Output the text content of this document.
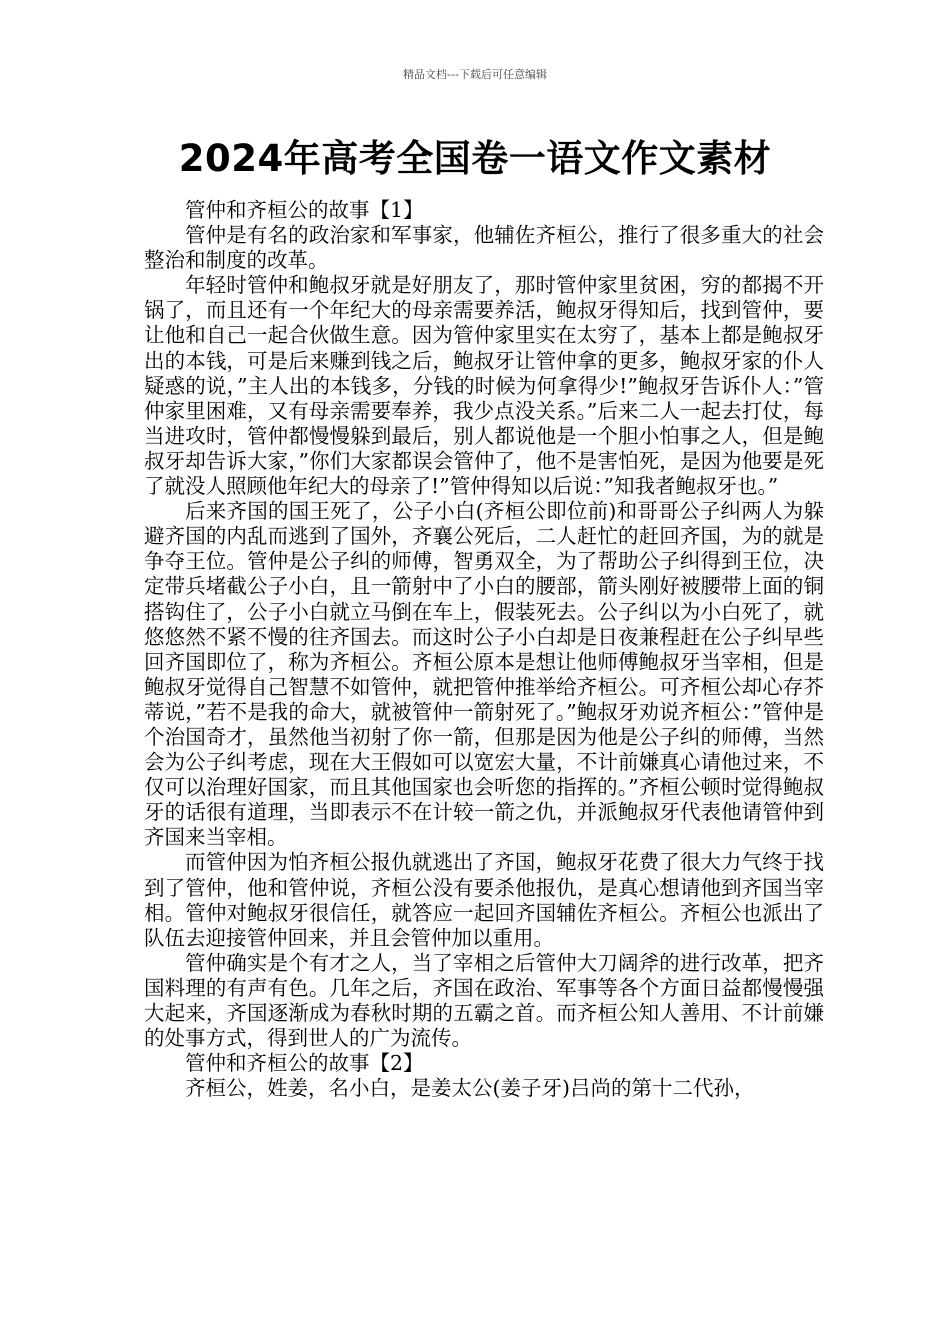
精品文档---下载后可任意编辑
2024年高考全国卷一语文作文素材

管仲和齐桓公的故事【1】

管仲是有名的政治家和军事家，他辅佐齐桓公，推行了很多重大的社会整治和制度的改革。

年轻时管仲和鲍叔牙就是好朋友了，那时管仲家里贫困，穷的都揭不开锅了，而且还有一个年纪大的母亲需要养活，鲍叔牙得知后，找到管仲，要让他和自己一起合伙做生意。因为管仲家里实在太穷了，基本上都是鲍叔牙出的本钱，可是后来赚到钱之后，鲍叔牙让管仲拿的更多，鲍叔牙家的仆人疑惑的说，”主人出的本钱多，分钱的时候为何拿得少!”鲍叔牙告诉仆人：”管仲家里困难，又有母亲需要奉养，我少点没关系。”后来二人一起去打仗，每当进攻时，管仲都慢慢躲到最后，别人都说他是一个胆小怕事之人，但是鲍叔牙却告诉大家，”你们大家都误会管仲了，他不是害怕死，是因为他要是死了就没人照顾他年纪大的母亲了!”管仲得知以后说：”知我者鲍叔牙也。”

后来齐国的国王死了，公子小白(齐桓公即位前)和哥哥公子纠两人为躲避齐国的内乱而逃到了国外，齐襄公死后，二人赶忙的赶回齐国，为的就是争夺王位。管仲是公子纠的师傅，智勇双全，为了帮助公子纠得到王位，决定带兵堵截公子小白，且一箭射中了小白的腰部，箭头刚好被腰带上面的铜搭钩住了，公子小白就立马倒在车上，假装死去。公子纠以为小白死了，就悠悠然不紧不慢的往齐国去。而这时公子小白却是日夜兼程赶在公子纠早些回齐国即位了，称为齐桓公。齐桓公原本是想让他师傅鲍叔牙当宰相，但是鲍叔牙觉得自己智慧不如管仲，就把管仲推举给齐桓公。可齐桓公却心存芥蒂说，”若不是我的命大，就被管仲一箭射死了。”鲍叔牙劝说齐桓公：”管仲是个治国奇才，虽然他当初射了你一箭，但那是因为他是公子纠的师傅，当然会为公子纠考虑，现在大王假如可以宽宏大量，不计前嫌真心请他过来，不仅可以治理好国家，而且其他国家也会听您的指挥的。”齐桓公顿时觉得鲍叔牙的话很有道理，当即表示不在计较一箭之仇，并派鲍叔牙代表他请管仲到齐国来当宰相。

而管仲因为怕齐桓公报仇就逃出了齐国，鲍叔牙花费了很大力气终于找到了管仲，他和管仲说，齐桓公没有要杀他报仇，是真心想请他到齐国当宰相。管仲对鲍叔牙很信任，就答应一起回齐国辅佐齐桓公。齐桓公也派出了队伍去迎接管仲回来，并且会管仲加以重用。

管仲确实是个有才之人，当了宰相之后管仲大刀阔斧的进行改革，把齐国料理的有声有色。几年之后，齐国在政治、军事等各个方面日益都慢慢强大起来，齐国逐渐成为春秋时期的五霸之首。而齐桓公知人善用、不计前嫌的处事方式，得到世人的广为流传。

管仲和齐桓公的故事【2】

齐桓公，姓姜，名小白，是姜太公(姜子牙)吕尚的第十二代孙，
